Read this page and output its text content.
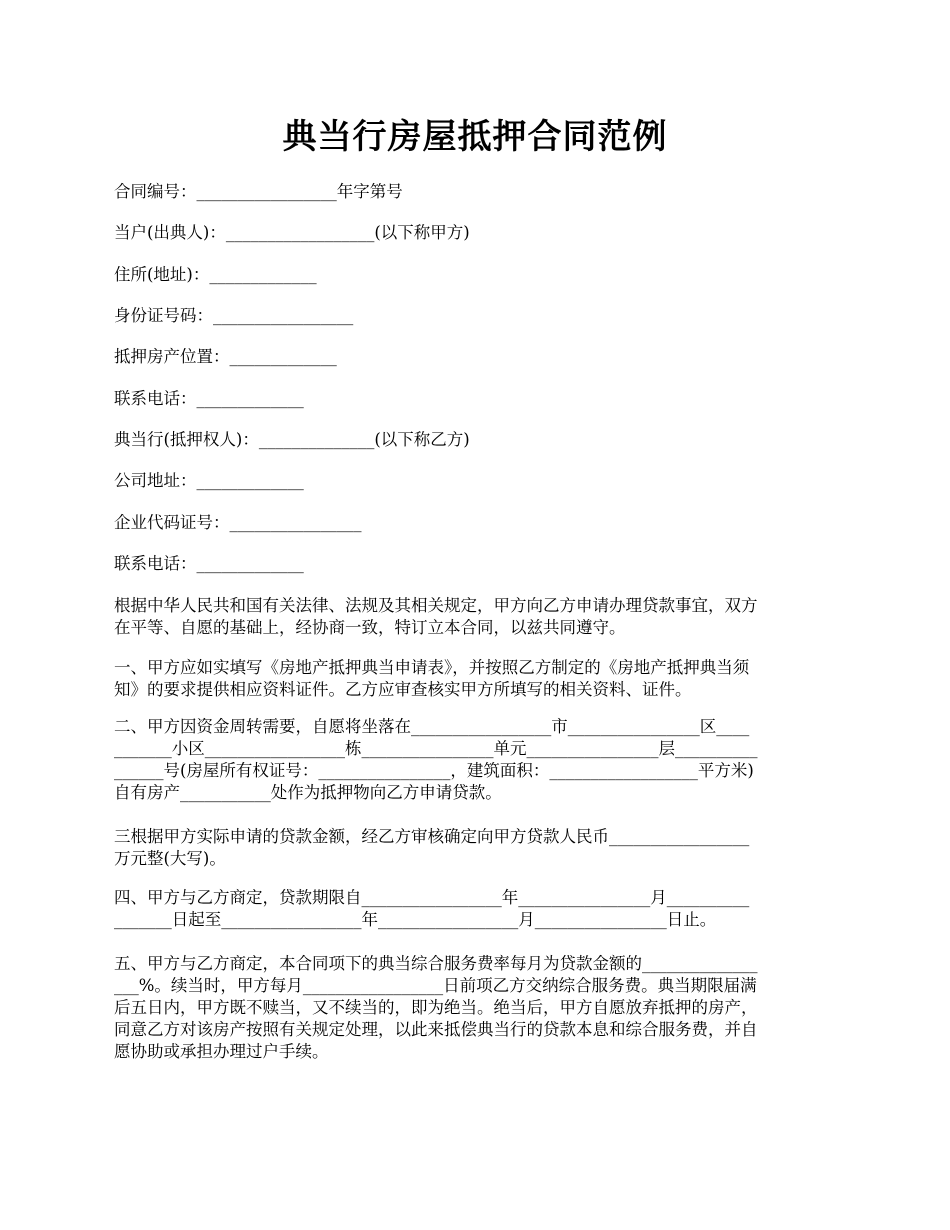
典当行房屋抵押合同范例
合同编号：_________________年字第号
当户(出典人)：__________________(以下称甲方)
住所(地址)：_____________
身份证号码：_________________
抵押房产位置：_____________
联系电话：_____________
典当行(抵押权人)：______________(以下称乙方)
公司地址：_____________
企业代码证号：________________
联系电话：_____________

根据中华人民共和国有关法律、法规及其相关规定，甲方向乙方申请办理贷款事宜，双方

在平等、自愿的基础上，经协商一致，特订立本合同，以兹共同遵守。

一、甲方应如实填写《房地产抵押典当申请表》，并按照乙方制定的《房地产抵押典当须

知》的要求提供相应资料证件。乙方应审查核实甲方所填写的相关资料、证件。

二、甲方因资金周转需要，自愿将坐落在_________________市________________区____

_______小区_________________栋________________单元________________层__________

______号(房屋所有权证号：________________，建筑面积：__________________平方米)

自有房产___________处作为抵押物向乙方申请贷款。

三根据甲方实际申请的贷款金额，经乙方审核确定向甲方贷款人民币_________________

万元整(大写)。

四、甲方与乙方商定，贷款期限自_________________年________________月__________

_______日起至_________________年_________________月________________日止。

五、甲方与乙方商定，本合同项下的典当综合服务费率每月为贷款金额的______________

___%。续当时，甲方每月_________________日前项乙方交纳综合服务费。典当期限届满

后五日内，甲方既不赎当，又不续当的，即为绝当。绝当后，甲方自愿放弃抵押的房产，

同意乙方对该房产按照有关规定处理，以此来抵偿典当行的贷款本息和综合服务费，并自

愿协助或承担办理过户手续。
